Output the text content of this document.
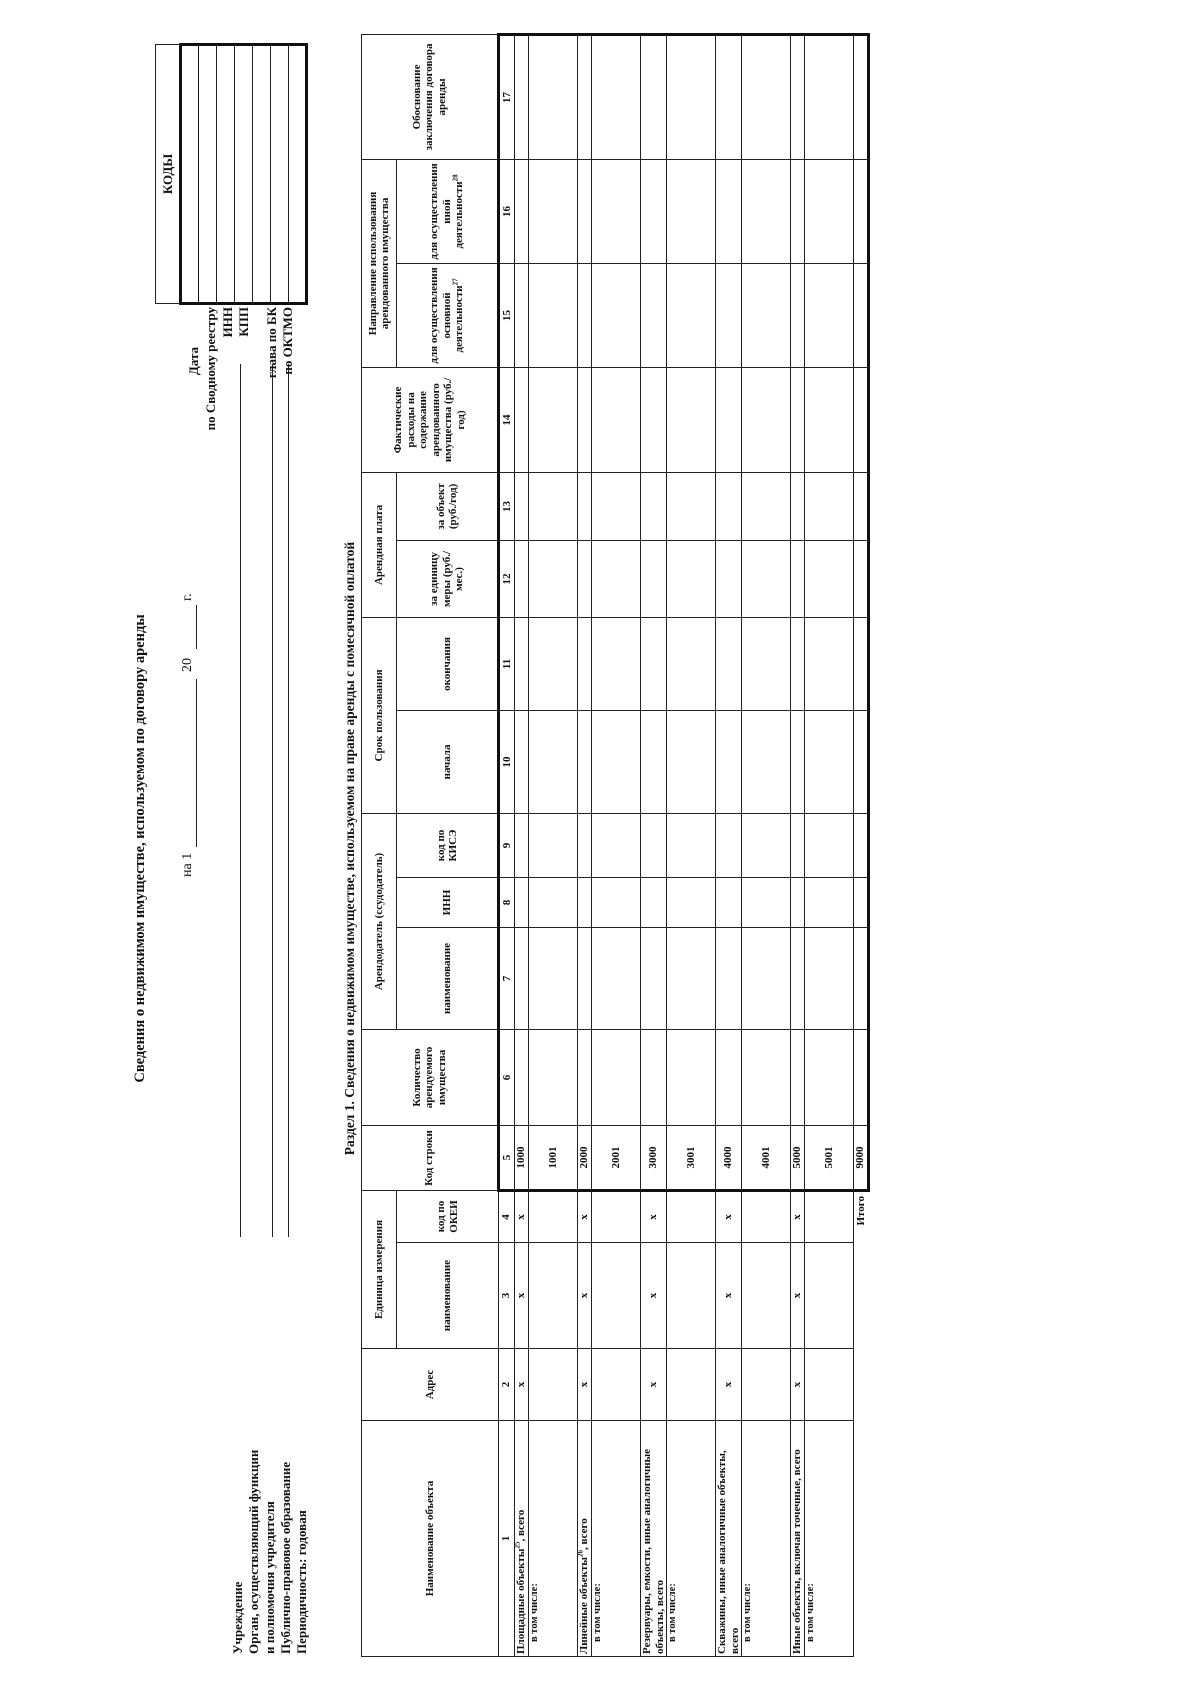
Сведения о недвижимом имуществе, используемом по договору аренды на 1
20
г.
Учреждение Орган, осуществляющий функции и полномочия учредителя Публично-правовое образование Периодичность: годовая
Дата по Сводному реестру ИНН КПП глава по БК по ОКТМО
КОДЫ

Раздел 1. Сведения о недвижимом имуществе, используемом на праве аренды с помесячной оплатой
Наименование объекта	Адрес	Единица измерения		Код строки	Количество арендуемого имущества	Арендодатель (ссудодатель)			Срок пользования		Арендная плата		Фактические расходы на содержание арендованного имущества (руб./год)	Направление использования арендованного имущества		Обоснование заключения договора аренды
		наименование	код по ОКЕИ			наименование	ИНН	код по КИСЭ	начала	окончания	за единицу меры (руб./мес.)	за объект (руб./год)		для осуществления основной деятельности$^{27}$	для осуществления иной деятельности$^{28}$
1	2	3	4	5	6	7	8	9	10	11	12	13	14	15	16	17
Площадные объекты$^{25}$, всего	x	x	x	1000												
в том числе:				1001												
Линейные объекты$^{26}$, всего	x	x	x	2000												
в том числе:				2001												
Резервуары, емкости, иные аналогичные объекты, всего	x	x	x	3000												
в том числе:				3001												
Скважины, иные аналогичные объекты, всего	x	x	x	4000												
в том числе:				4001												
Иные объекты, включая точечные, всего	x	x	x	5000												
в том числе:				5001												
Итого				9000												
